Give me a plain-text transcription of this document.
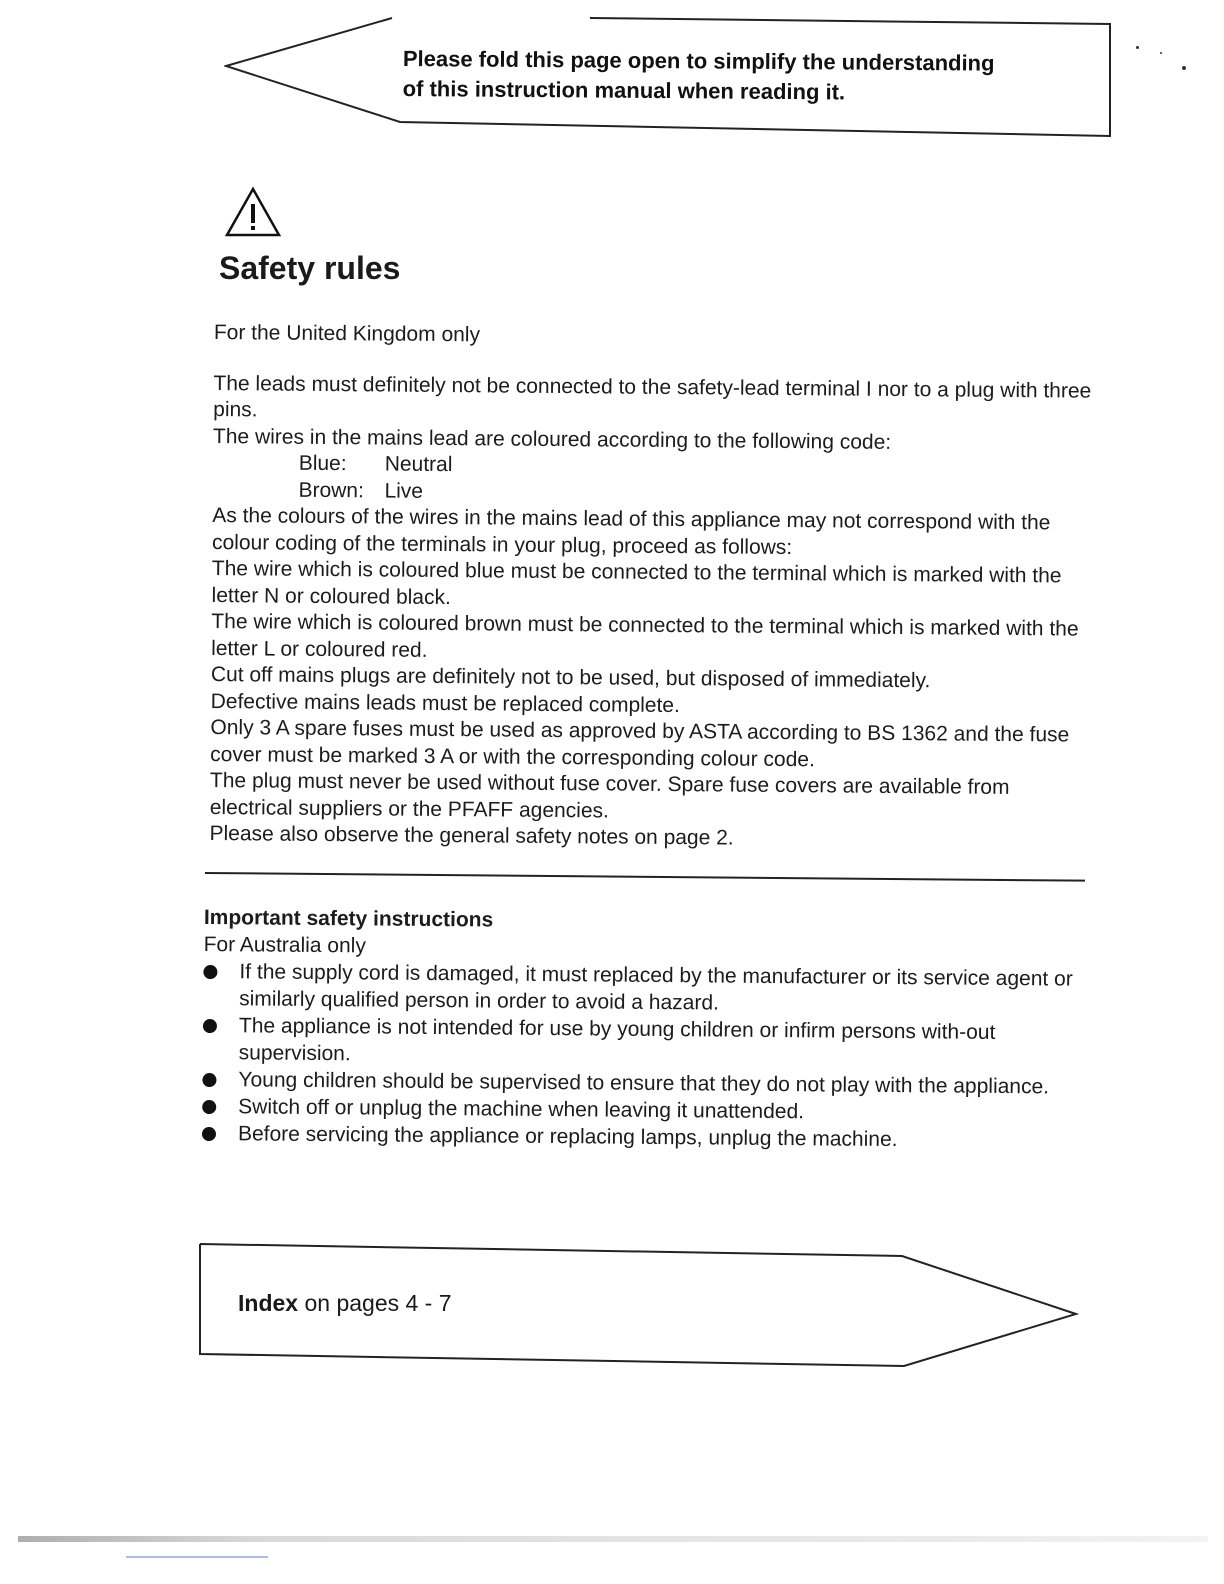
Please fold this page open to simplify the understanding
of this instruction manual when reading it.
Safety rules

For the United Kingdom only

The leads must definitely not be connected to the safety-lead terminal I nor to a plug with three pins.

The wires in the mains lead are coloured according to the following code:

Blue: Neutral

Brown: Live

As the colours of the wires in the mains lead of this appliance may not correspond with the colour coding of the terminals in your plug, proceed as follows:

The wire which is coloured blue must be connected to the terminal which is marked with the letter N or coloured black.

The wire which is coloured brown must be connected to the terminal which is marked with the letter L or coloured red.

Cut off mains plugs are definitely not to be used, but disposed of immediately.

Defective mains leads must be replaced complete.

Only 3 A spare fuses must be used as approved by ASTA according to BS 1362 and the fuse cover must be marked 3 A or with the corresponding colour code.

The plug must never be used without fuse cover. Spare fuse covers are available from electrical suppliers or the PFAFF agencies.

Please also observe the general safety notes on page 2.

Important safety instructions

For Australia only

If the supply cord is damaged, it must replaced by the manufacturer or its service agent or similarly qualified person in order to avoid a hazard.
The appliance is not intended for use by young children or infirm persons with-out supervision.
Young children should be supervised to ensure that they do not play with the appliance.
Switch off or unplug the machine when leaving it unattended.
Before servicing the appliance or replacing lamps, unplug the machine.
Index on pages 4 - 7
